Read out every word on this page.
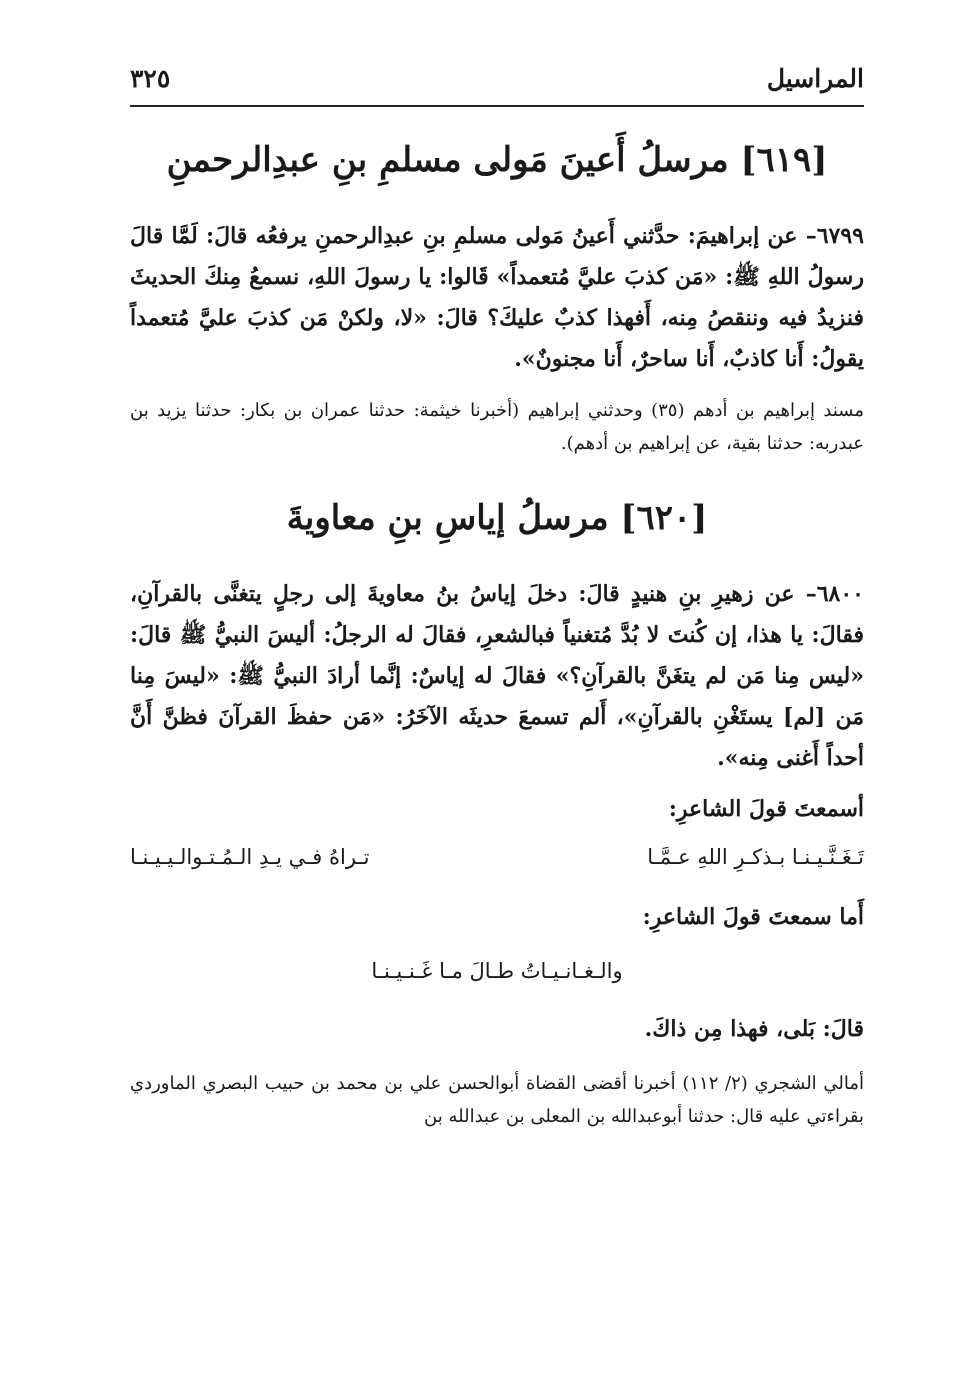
المراسيل
٣٢٥
[٦١٩] مرسلُ أَعينَ مَولى مسلمِ بنِ عبدِالرحمنِ

٦٧٩٩– عن إبراهيمَ: حدَّثني أَعينُ مَولى مسلمِ بنِ عبدِالرحمنِ يرفعُه قالَ: لَمَّا قالَ رسولُ اللهِ ﷺ: «مَن كذبَ عليَّ مُتعمداً» قَالوا: يا رسولَ اللهِ، نسمعُ مِنكَ الحديثَ فنزيدُ فيه وننقصُ مِنه، أَفهذا كذبٌ عليكَ؟ قالَ: «لا، ولكنْ مَن كذبَ عليَّ مُتعمداً يقولُ: أَنا كاذبٌ، أَنا ساحرٌ، أَنا مجنونٌ».

مسند إبراهيم بن أدهم (٣٥) وحدثني إبراهيم (أخبرنا خيثمة: حدثنا عمران بن بكار: حدثنا يزيد بن عبدربه: حدثنا بقية، عن إبراهيم بن أدهم).

[٦٢٠] مرسلُ إياسِ بنِ معاويةَ

٦٨٠٠– عن زهيرِ بنِ هنيدٍ قالَ: دخلَ إياسُ بنُ معاويةَ إلى رجلٍ يتغنَّى بالقرآنِ، فقالَ: يا هذا، إن كُنتَ لا بُدَّ مُتغنياً فبالشعرِ، فقالَ له الرجلُ: أليسَ النبيُّ ﷺ قالَ: «ليس مِنا مَن لم يتغَنَّ بالقرآنِ؟» فقالَ له إياسٌ: إنَّما أرادَ النبيُّ ﷺ: «ليسَ مِنا مَن [لم] يستَغْنِ بالقرآنِ»، أَلم تسمعَ حديثَه الآخَرُ: «مَن حفظَ القرآنَ فظنَّ أَنَّ أحداً أَغنى مِنه».

أسمعتَ قولَ الشاعرِ:
تَـغَـنَّـيـنـا بـذكـرِ اللهِ عـمَّـا
تـراهُ فـي يـدِ الـمُـتـوالـيـيـنـا
أَما سمعتَ قولَ الشاعرِ:
والـغـانـيـاتُ طـالَ مـا غَـنـيـنـا
قالَ: بَلى، فهذا مِن ذاكَ.

أمالي الشجري (٢/ ١١٢) أخبرنا أقضى القضاة أبوالحسن علي بن محمد بن حبيب البصري الماوردي بقراءتي عليه قال: حدثنا أبوعبدالله بن المعلى بن عبدالله بن
